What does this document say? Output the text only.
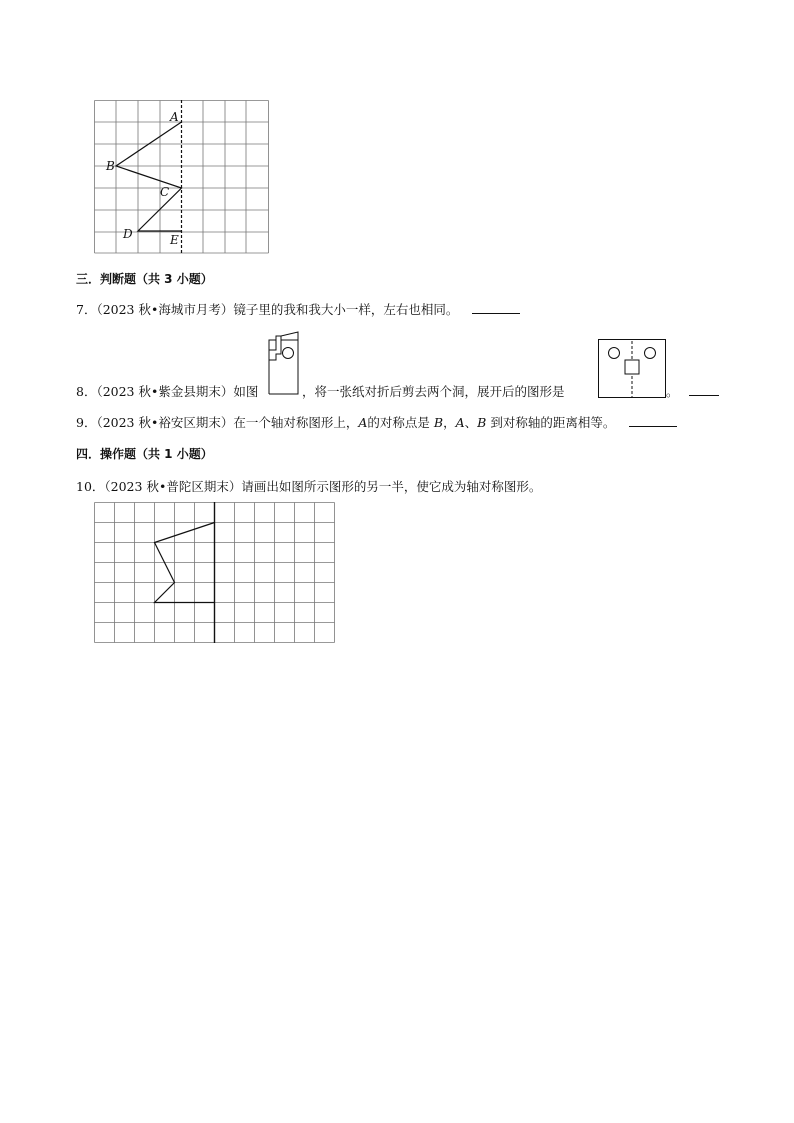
A
B
C
D	E
三．判断题（共 3 小题）
7．（2023 秋•海城市月考）镜子里的我和我大小一样，左右也相同。
8．（2023 秋•紫金县期末）如图	，将一张纸对折后剪去两个洞，展开后的图形是	。
9．（2023 秋•裕安区期末）在一个轴对称图形上，A的对称点是 B，A、B 到对称轴的距离相等。
四．操作题（共 1 小题）
10．（2023 秋•普陀区期末）请画出如图所示图形的另一半，使它成为轴对称图形。
